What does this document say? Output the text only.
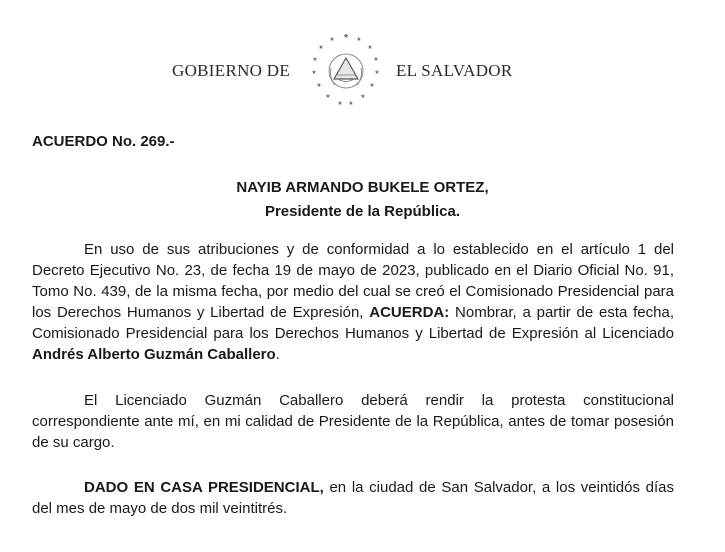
GOBIERNO DE
★ ★
★
★
★
★
★
★
★
★
★
★
★
★
★
EL SALVADOR
ACUERDO No. 269.-
NAYIB ARMANDO BUKELE ORTEZ,
Presidente de la República.

En uso de sus atribuciones y de conformidad a lo establecido en el artículo 1 del Decreto Ejecutivo No. 23, de fecha 19 de mayo de 2023, publicado en el Diario Oficial No. 91, Tomo No. 439, de la misma fecha, por medio del cual se creó el Comisionado Presidencial para los Derechos Humanos y Libertad de Expresión, ACUERDA: Nombrar, a partir de esta fecha, Comisionado Presidencial para los Derechos Humanos y Libertad de Expresión al Licenciado Andrés Alberto Guzmán Caballero.

El Licenciado Guzmán Caballero deberá rendir la protesta constitucional correspondiente ante mí, en mi calidad de Presidente de la República, antes de tomar posesión de su cargo.

DADO EN CASA PRESIDENCIAL, en la ciudad de San Salvador, a los veintidós días del mes de mayo de dos mil veintitrés.
